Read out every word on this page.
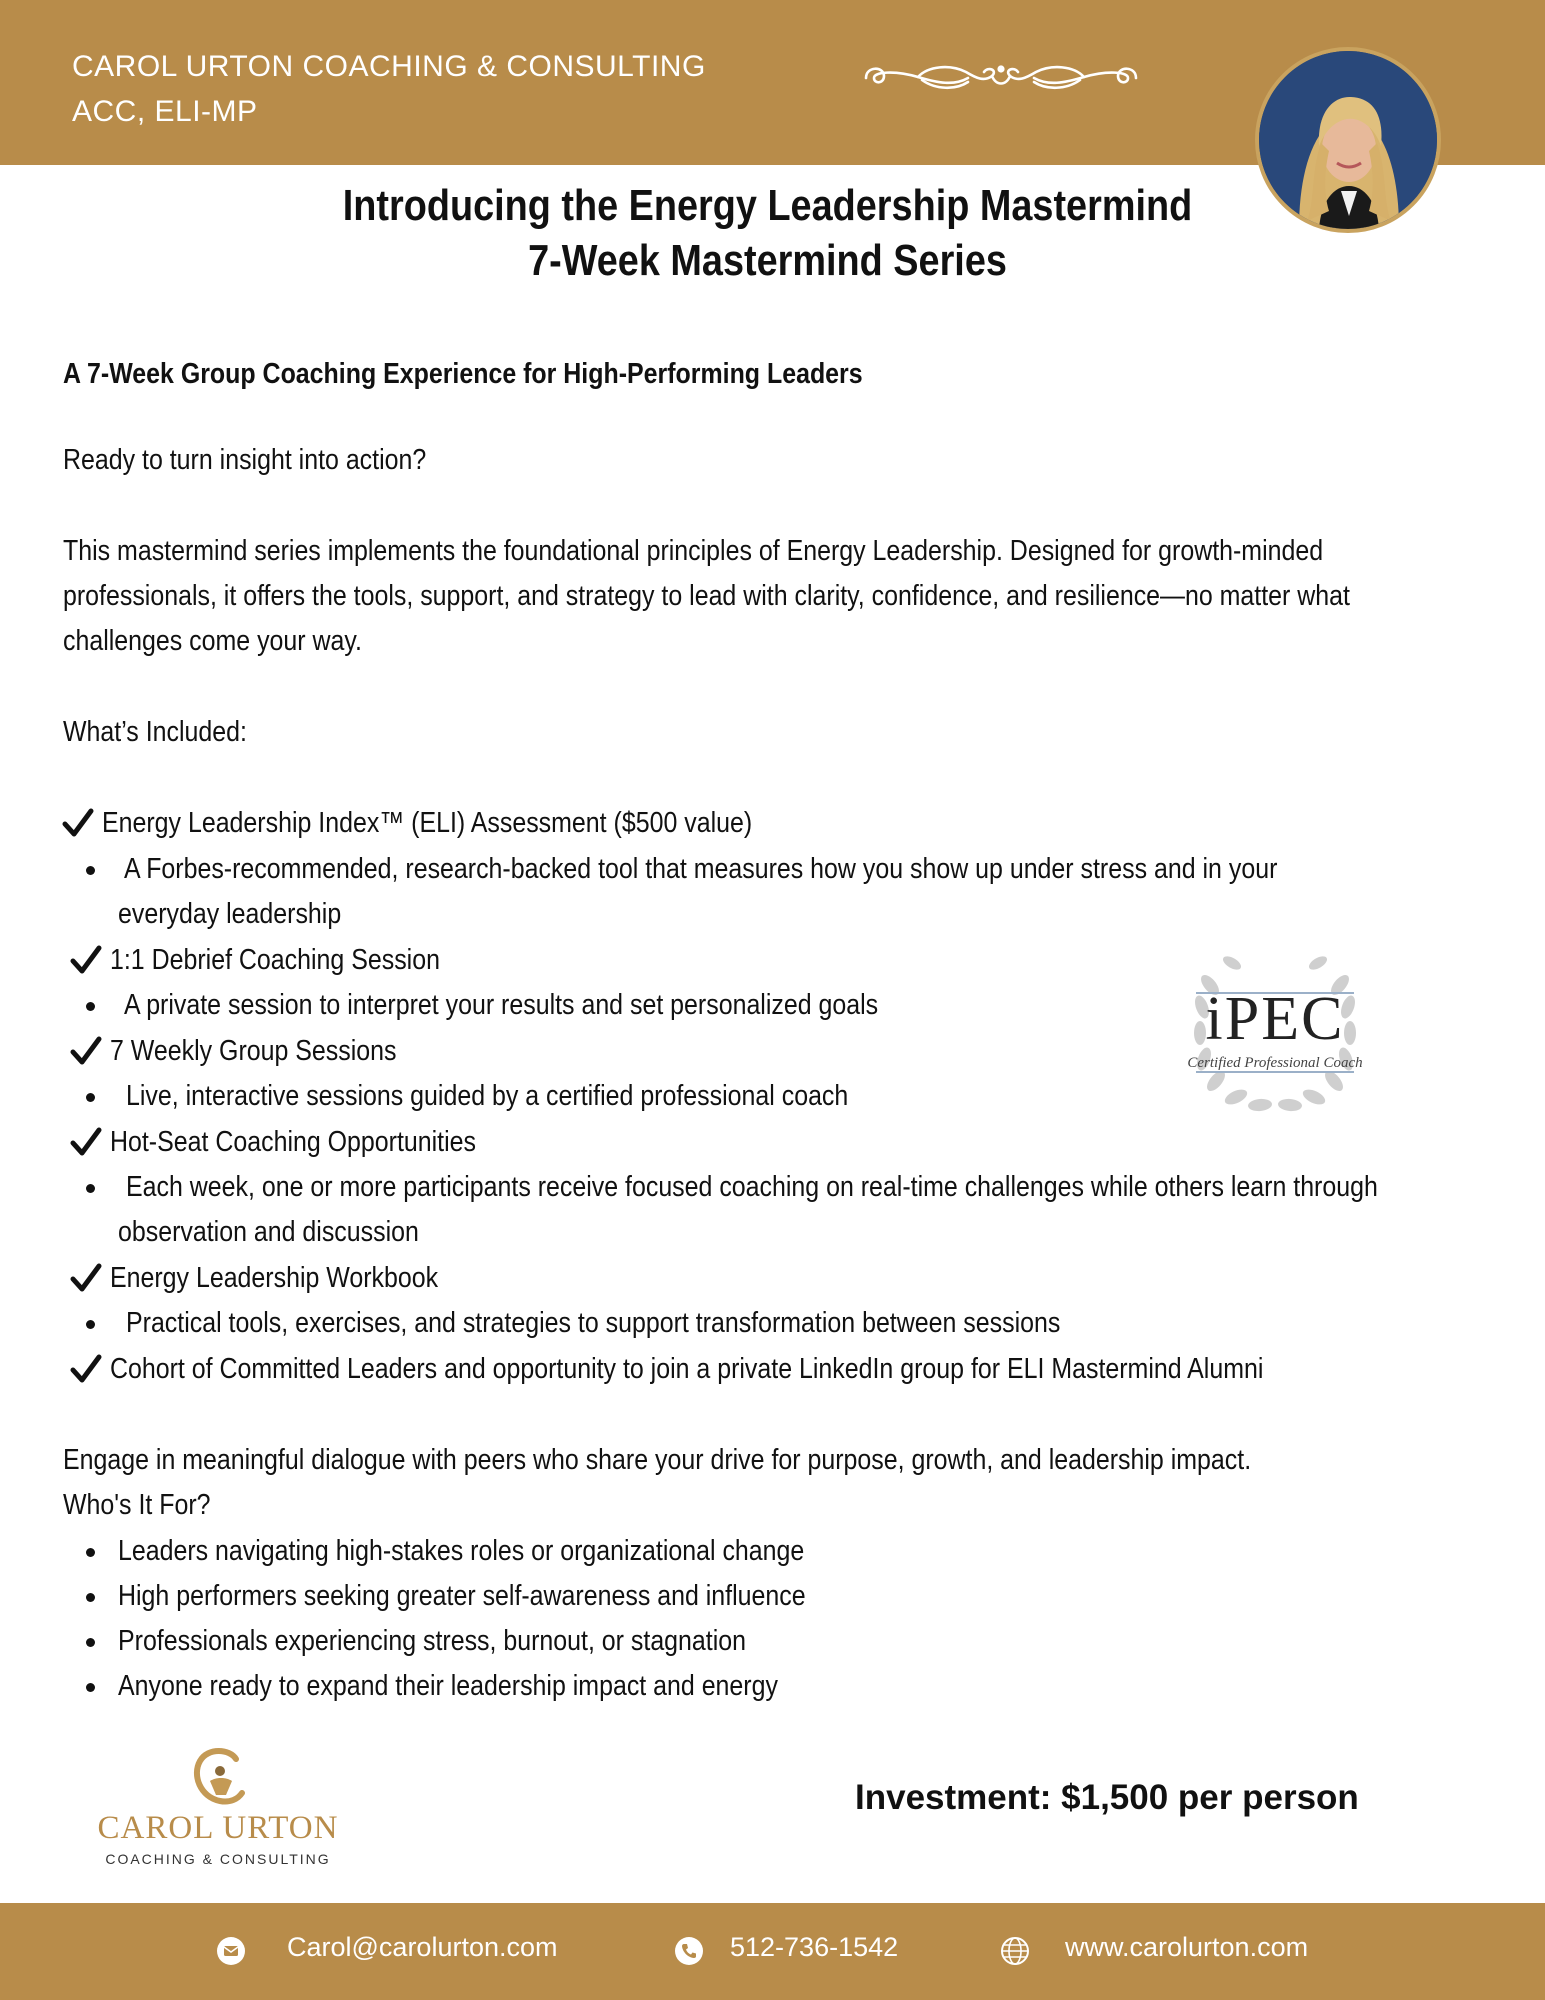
CAROL URTON COACHING & CONSULTING
ACC, ELI-MP
Introducing the Energy Leadership Mastermind
7-Week Mastermind Series
A 7-Week Group Coaching Experience for High-Performing Leaders
Ready to turn insight into action?
This mastermind series implements the foundational principles of Energy Leadership. Designed for growth-minded
professionals, it offers the tools, support, and strategy to lead with clarity, confidence, and resilience—no matter what
challenges come your way.
What’s Included:
Energy Leadership Index™ (ELI) Assessment ($500 value)
A Forbes-recommended, research-backed tool that measures how you show up under stress and in your
everyday leadership
1:1 Debrief Coaching Session
A private session to interpret your results and set personalized goals
7 Weekly Group Sessions
Live, interactive sessions guided by a certified professional coach
Hot-Seat Coaching Opportunities
Each week, one or more participants receive focused coaching on real-time challenges while others learn through
observation and discussion
Energy Leadership Workbook
Practical tools, exercises, and strategies to support transformation between sessions
Cohort of Committed Leaders and opportunity to join a private LinkedIn group for ELI Mastermind Alumni
iPEC
Certified Professional Coach
Engage in meaningful dialogue with peers who share your drive for purpose, growth, and leadership impact.
Who's It For?
Leaders navigating high-stakes roles or organizational change
High performers seeking greater self-awareness and influence
Professionals experiencing stress, burnout, or stagnation
Anyone ready to expand their leadership impact and energy
CAROL URTON
COACHING & CONSULTING
Investment: $1,500 per person
Carol@carolurton.com	512-736-1542	www.carolurton.com
